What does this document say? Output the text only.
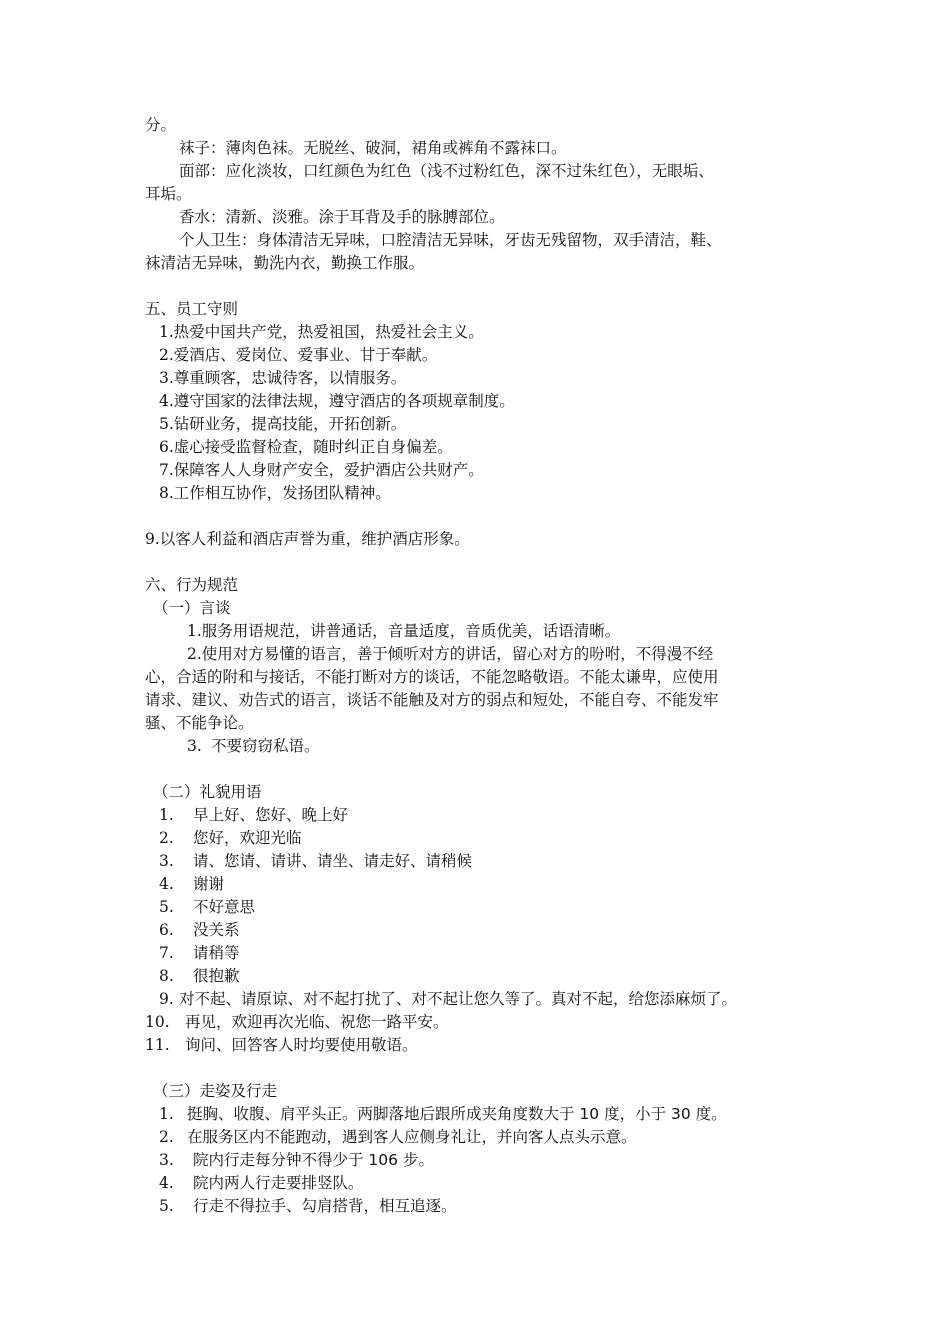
分。
袜子：薄肉色袜。无脱丝、破洞，裙角或裤角不露袜口。
面部：应化淡妆，口红颜色为红色（浅不过粉红色，深不过朱红色），无眼垢、
耳垢。
香水：清新、淡雅。涂于耳背及手的脉膊部位。
个人卫生：身体清洁无异味，口腔清洁无异味，牙齿无残留物，双手清洁，鞋、
袜清洁无异味，勤洗内衣，勤换工作服。
五、员工守则
1.热爱中国共产党，热爱祖国，热爱社会主义。
2.爱酒店、爱岗位、爱事业、甘于奉献。
3.尊重顾客，忠诚待客，以情服务。
4.遵守国家的法律法规，遵守酒店的各项规章制度。
5.钻研业务，提高技能，开拓创新。
6.虚心接受监督检查，随时纠正自身偏差。
7.保障客人人身财产安全，爱护酒店公共财产。
8.工作相互协作，发扬团队精神。
9.以客人利益和酒店声誉为重，维护酒店形象。
六、行为规范
（一）言谈
1.服务用语规范，讲普通话，音量适度，音质优美，话语清晰。
2.使用对方易懂的语言，善于倾听对方的讲话，留心对方的吩咐，不得漫不经
心，合适的附和与接话，不能打断对方的谈话，不能忽略敬语。不能太谦卑，应使用
请求、建议、劝告式的语言，谈话不能触及对方的弱点和短处，不能自夸、不能发牢
骚、不能争论。
3. 不要窃窃私语。
（二）礼貌用语
1. 早上好、您好、晚上好
2. 您好，欢迎光临
3. 请、您请、请讲、请坐、请走好、请稍候
4. 谢谢
5. 不好意思
6. 没关系
7. 请稍等
8. 很抱歉
9. 对不起、请原谅、对不起打扰了、对不起让您久等了。真对不起，给您添麻烦了。
10. 再见，欢迎再次光临、祝您一路平安。
11. 询问、回答客人时均要使用敬语。
（三）走姿及行走
1. 挺胸、收腹、肩平头正。两脚落地后跟所成夹角度数大于 10 度，小于 30 度。
2. 在服务区内不能跑动，遇到客人应侧身礼让，并向客人点头示意。
3. 院内行走每分钟不得少于 106 步。
4. 院内两人行走要排竖队。
5. 行走不得拉手、勾肩搭背，相互追逐。
